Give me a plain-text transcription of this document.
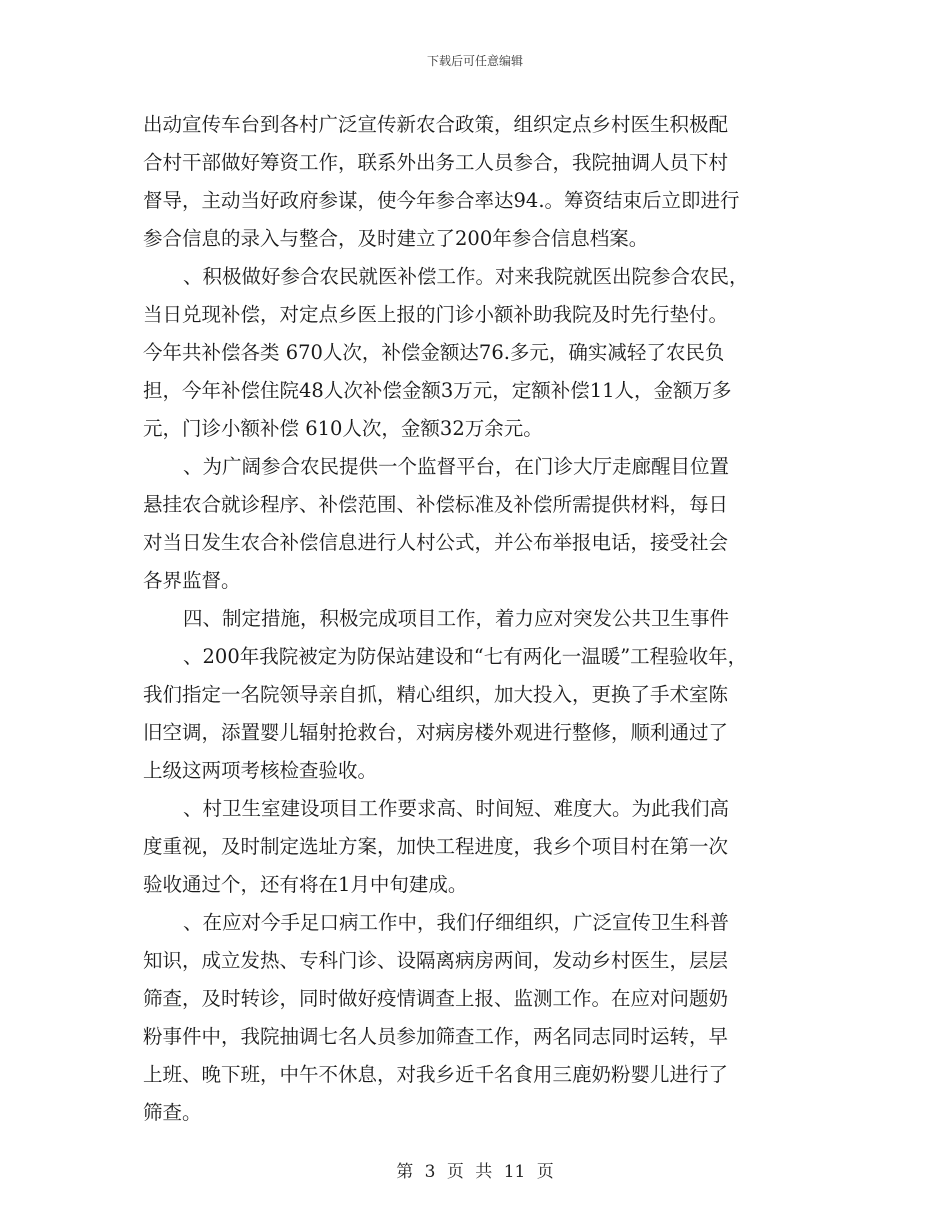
下载后可任意编辑
出动宣传车台到各村广泛宣传新农合政策，组织定点乡村医生积极配
合村干部做好筹资工作，联系外出务工人员参合，我院抽调人员下村
督导，主动当好政府参谋，使今年参合率达94.。筹资结束后立即进行
参合信息的录入与整合，及时建立了200年参合信息档案。
、积极做好参合农民就医补偿工作。对来我院就医出院参合农民，
当日兑现补偿，对定点乡医上报的门诊小额补助我院及时先行垫付。
今年共补偿各类 670人次，补偿金额达76.多元，确实减轻了农民负
担，今年补偿住院48人次补偿金额3万元，定额补偿11人，金额万多
元，门诊小额补偿 610人次，金额32万余元。
、为广阔参合农民提供一个监督平台，在门诊大厅走廊醒目位置
悬挂农合就诊程序、补偿范围、补偿标准及补偿所需提供材料，每日
对当日发生农合补偿信息进行人村公式，并公布举报电话，接受社会
各界监督。
四、制定措施，积极完成项目工作，着力应对突发公共卫生事件
、200年我院被定为防保站建设和“七有两化一温暖”工程验收年，
我们指定一名院领导亲自抓，精心组织，加大投入，更换了手术室陈
旧空调，添置婴儿辐射抢救台，对病房楼外观进行整修，顺利通过了
上级这两项考核检查验收。
、村卫生室建设项目工作要求高、时间短、难度大。为此我们高
度重视，及时制定选址方案，加快工程进度，我乡个项目村在第一次
验收通过个，还有将在1月中旬建成。
、在应对今手足口病工作中，我们仔细组织，广泛宣传卫生科普
知识，成立发热、专科门诊、设隔离病房两间，发动乡村医生，层层
筛查，及时转诊，同时做好疫情调查上报、监测工作。在应对问题奶
粉事件中，我院抽调七名人员参加筛查工作，两名同志同时运转，早
上班、晚下班，中午不休息，对我乡近千名食用三鹿奶粉婴儿进行了
筛查。
第 3 页 共 11 页
